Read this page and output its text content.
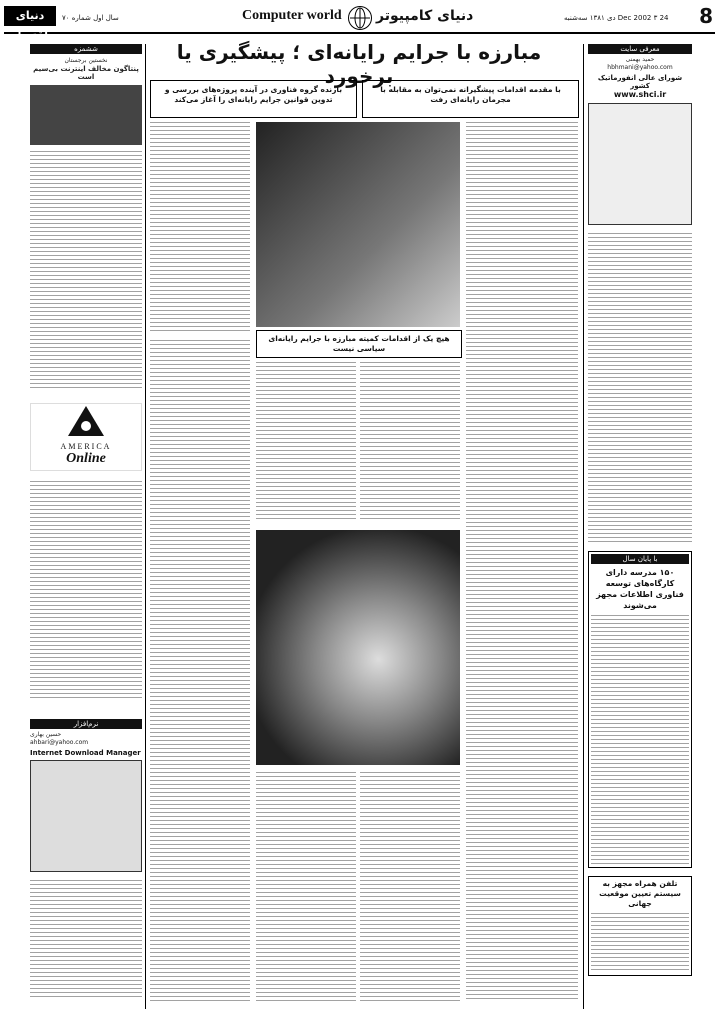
دنیای اقتصاد
سال اول شماره ۷۰	Computer world دنیای کامپیوتر	24 Dec 2002 ۳ دی ۱۳۸۱ سه‌شنبه 8
ششمزه
نخستین برجستان
پنتاگون مخالف اینترنت بی‌سیم است
AMERICA
Online
نرم‌افزار
حسین بهاری
ahbari@yahoo.com
Internet Download Manager
مبارزه با جرایم رایانه‌ای ؛ پیشگیری یا برخورد
با مقدمه اقدامات پیشگیرانه نمی‌توان به مقابله با مجرمان رایانه‌ای رفت
بازنده گروه فناوری در آینده پروژه‌های بررسی و تدوین قوانین جرایم رایانه‌ای را آغاز می‌کند
هیچ یک از اقدامات کمیته مبارزه با جرایم رایانه‌ای سیاسی نیست
معرفی سایت
حمید بهمنی
hbhmani@yahoo.com
شورای عالی انفورماتیک کشور
www.shci.ir
با پایان سال
۱۵۰ مدرسه دارای کارگاه‌های توسعه فناوری اطلاعات مجهز می‌شوند
تلفن همراه مجهز به سیستم تعیین موقعیت جهانی
